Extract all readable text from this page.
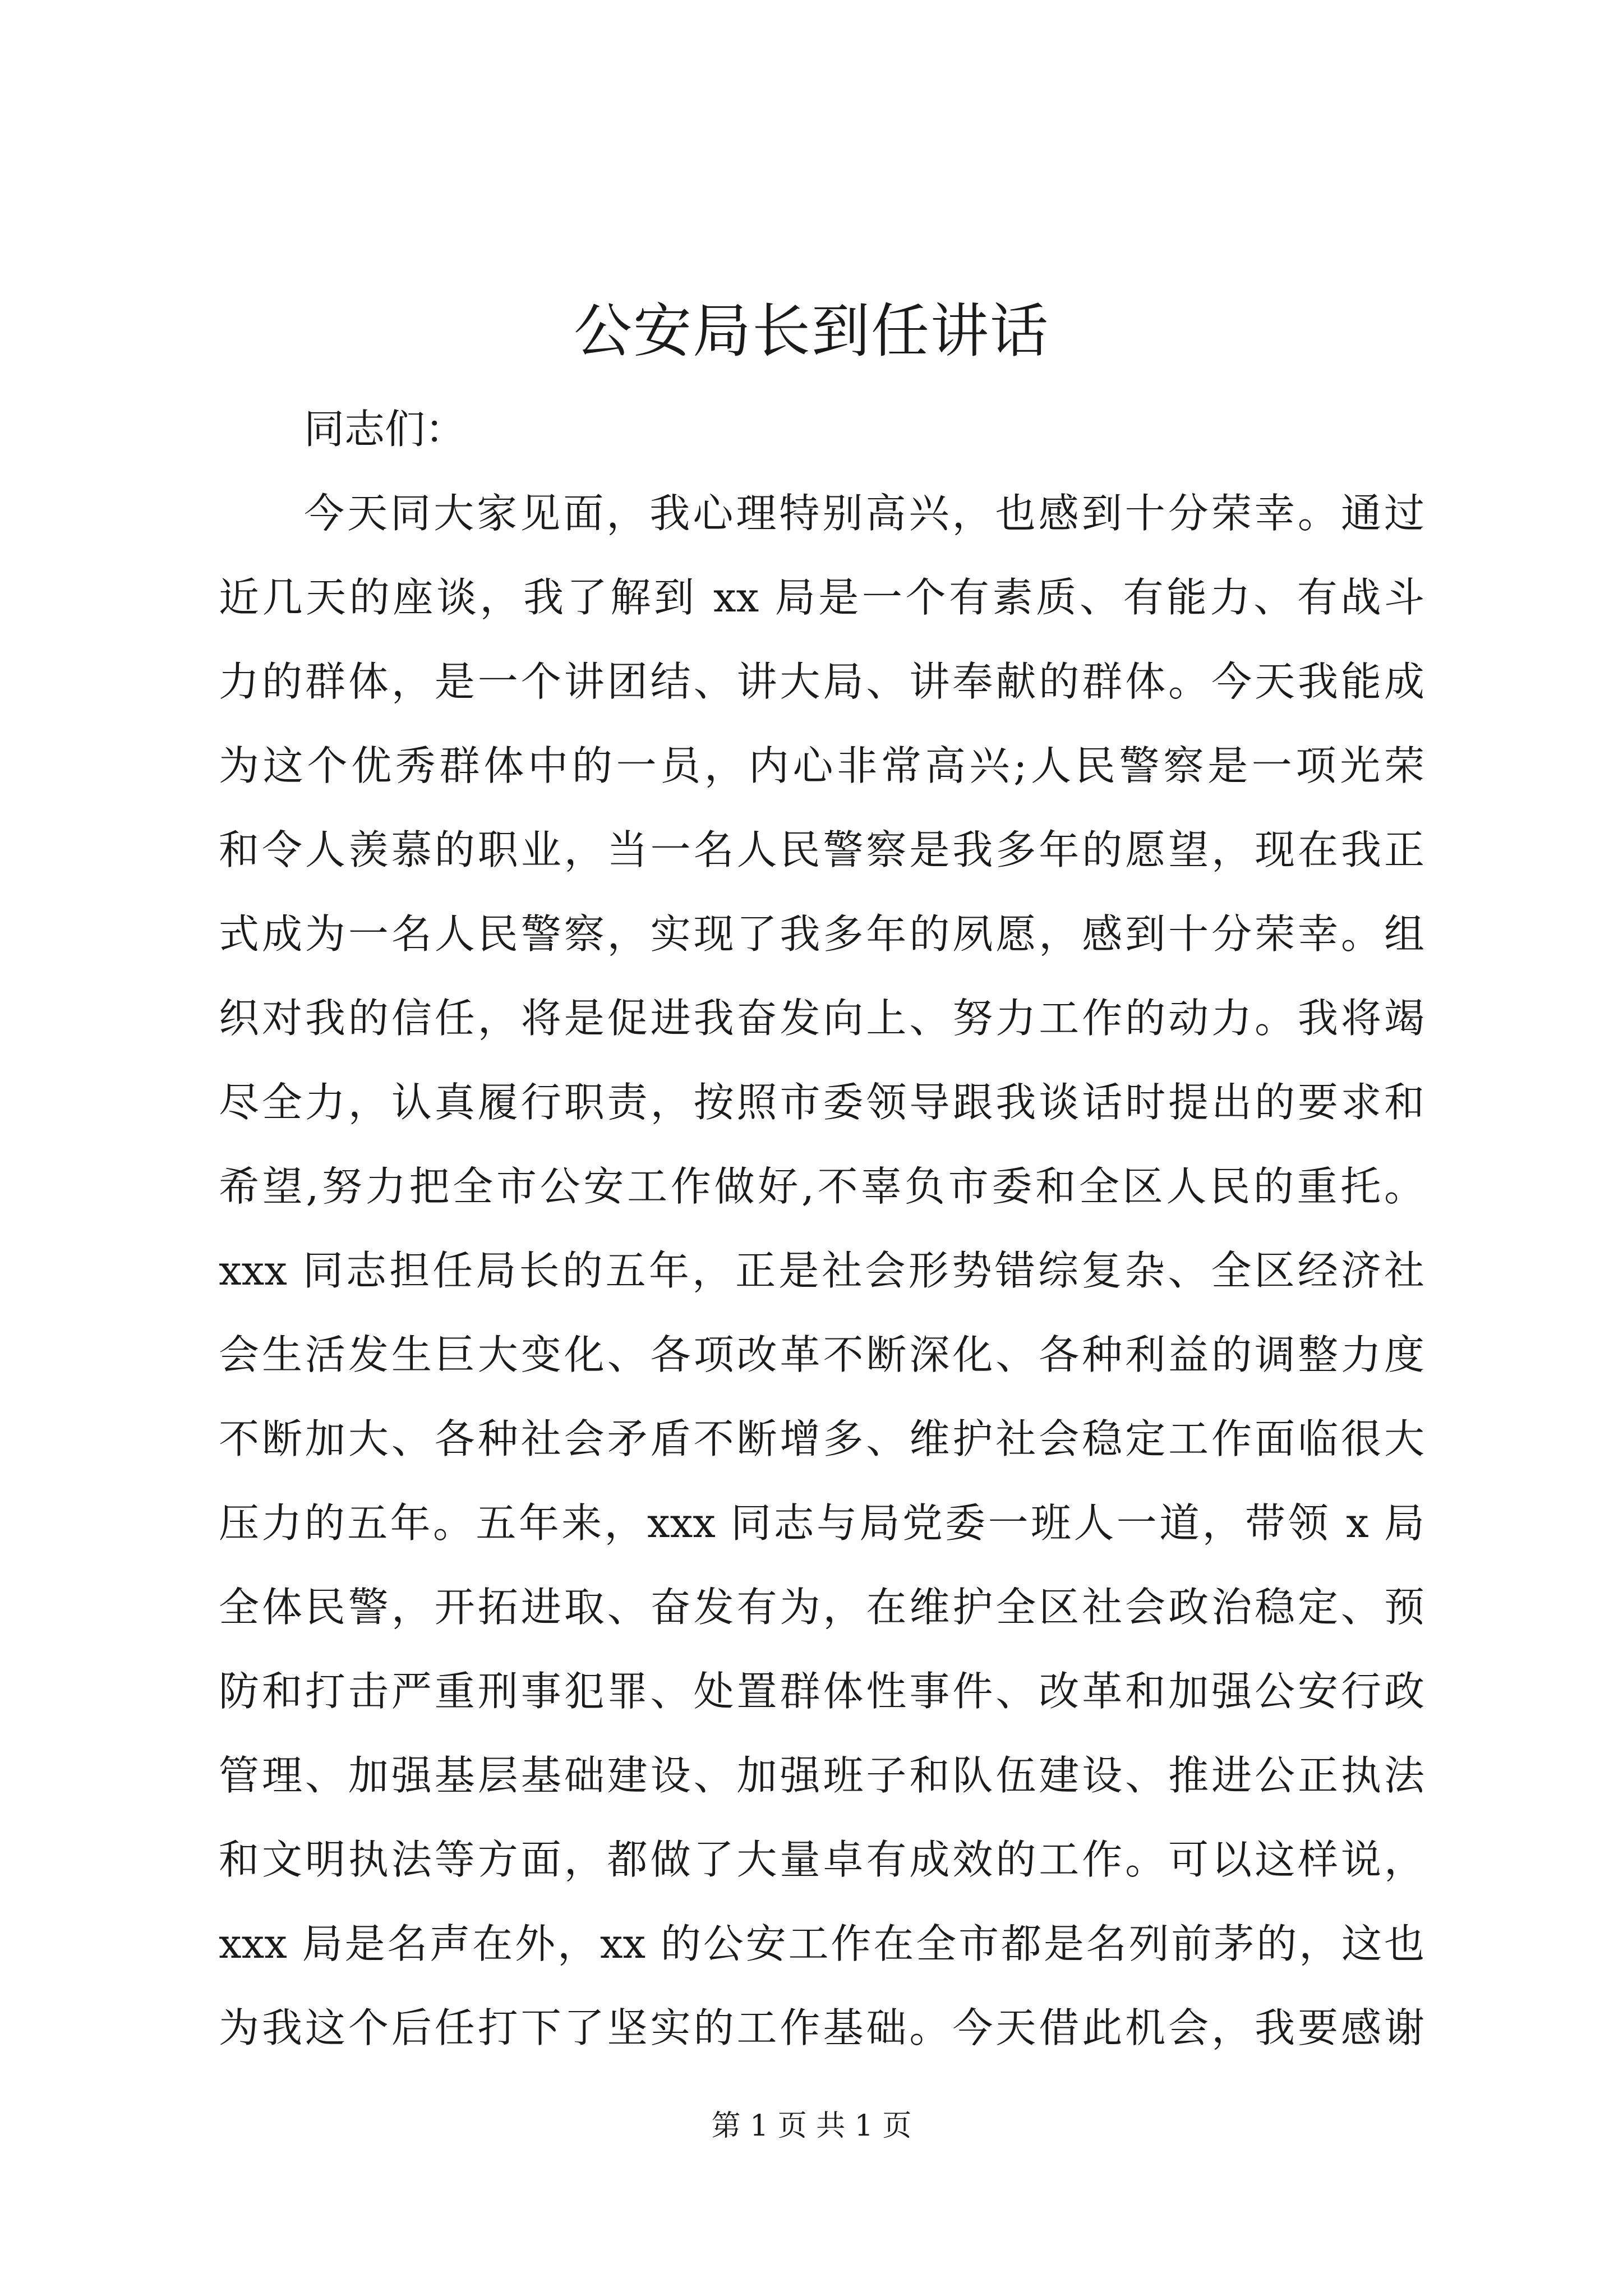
公安局长到任讲话
同志们：
今天同大家见面，我心理特别高兴，也感到十分荣幸。通过
近几天的座谈，我了解到 xx 局是一个有素质、有能力、有战斗
力的群体，是一个讲团结、讲大局、讲奉献的群体。今天我能成
为这个优秀群体中的一员，内心非常高兴;人民警察是一项光荣
和令人羡慕的职业，当一名人民警察是我多年的愿望，现在我正
式成为一名人民警察，实现了我多年的夙愿，感到十分荣幸。组
织对我的信任，将是促进我奋发向上、努力工作的动力。我将竭
尽全力，认真履行职责，按照市委领导跟我谈话时提出的要求和
希望,努力把全市公安工作做好,不辜负市委和全区人民的重托。
xxx 同志担任局长的五年，正是社会形势错综复杂、全区经济社
会生活发生巨大变化、各项改革不断深化、各种利益的调整力度
不断加大、各种社会矛盾不断增多、维护社会稳定工作面临很大
压力的五年。五年来，xxx 同志与局党委一班人一道，带领 x 局
全体民警，开拓进取、奋发有为，在维护全区社会政治稳定、预
防和打击严重刑事犯罪、处置群体性事件、改革和加强公安行政
管理、加强基层基础建设、加强班子和队伍建设、推进公正执法
和文明执法等方面，都做了大量卓有成效的工作。可以这样说，
xxx 局是名声在外，xx 的公安工作在全市都是名列前茅的，这也
为我这个后任打下了坚实的工作基础。今天借此机会，我要感谢
第 1 页 共 1 页
